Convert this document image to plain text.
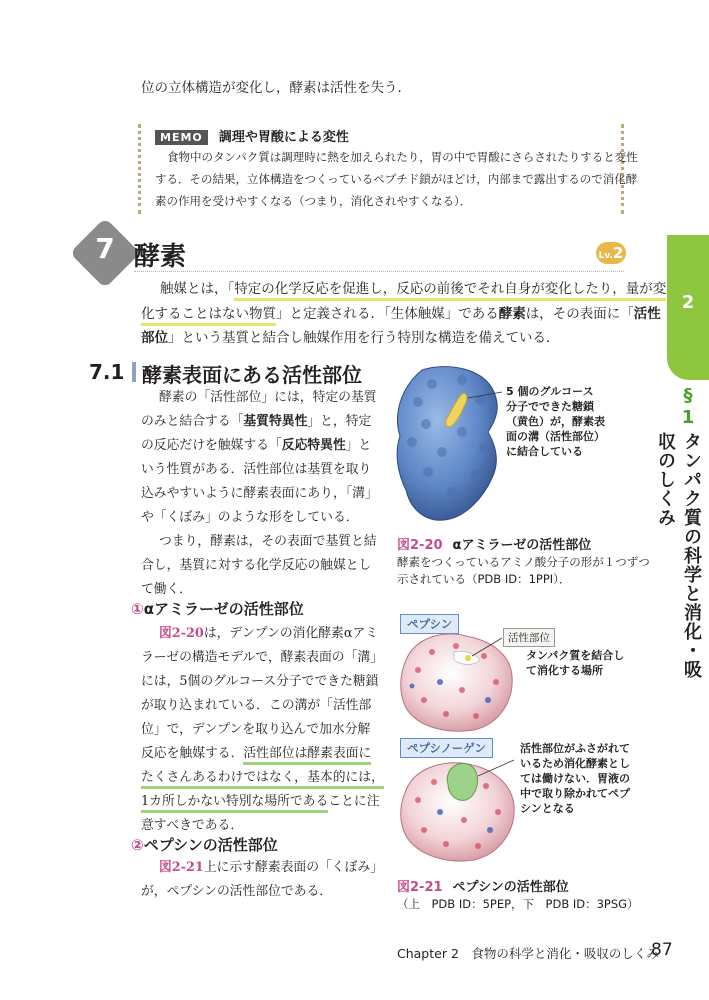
位の立体構造が変化し，酵素は活性を失う．

MEMO 調理や胃酸による変性

食物中のタンパク質は調理時に熱を加えられたり，胃の中で胃酸にさらされたりすると変性

する．その結果，立体構造をつくっているペプチド鎖がほどけ，内部まで露出するので消化酵

素の作用を受けやすくなる（つまり，消化されやすくなる）．

7 酵素	Lv.2

触媒とは，「特定の化学反応を促進し，反応の前後でそれ自身が変化したり，量が変

化することはない物質」と定義される．「生体触媒」である酵素は，その表面に「活性

部位」という基質と結合し触媒作用を行う特別な構造を備えている．

7.1 酵素表面にある活性部位

酵素の「活性部位」には，特定の基質

のみと結合する「基質特異性」と，特定

の反応だけを触媒する「反応特異性」と

いう性質がある．活性部位は基質を取り

込みやすいように酵素表面にあり，「溝」

や「くぼみ」のような形をしている．

つまり，酵素は，その表面で基質と結

合し，基質に対する化学反応の触媒とし

て働く．

①αアミラーゼの活性部位

図2-20は，デンプンの消化酵素αアミ

ラーゼの構造モデルで，酵素表面の「溝」

には，5個のグルコース分子でできた糖鎖

が取り込まれている．この溝が「活性部

位」で，デンプンを取り込んで加水分解

反応を触媒する．活性部位は酵素表面に

たくさんあるわけではなく，基本的には，

1カ所しかない特別な場所であることに注

意すべきである．

②ペプシンの活性部位

図2-21上に示す酵素表面の「くぼみ」

が，ペプシンの活性部位である．

5 個のグルコース

分子でできた糖鎖

（黄色）が，酵素表

面の溝（活性部位）

に結合している

図2-20 αアミラーゼの活性部位

酵素をつくっているアミノ酸分子の形が１つずつ

示されている（PDB ID：1PPI）．

ペプシン
活性部位

タンパク質を結合し

て消化する場所

ペプシノーゲン	活性部位がふさがれて

いるため消化酵素とし

ては働けない．胃液の

中で取り除かれてペプ

シンとなる

図2-21 ペプシンの活性部位

（上　PDB ID：5PEP，下　PDB ID：3PSG）

2
§
1
タンパク質の科学と消化・吸収のしくみ
Chapter 2　食物の科学と消化・吸収のしくみ
87
